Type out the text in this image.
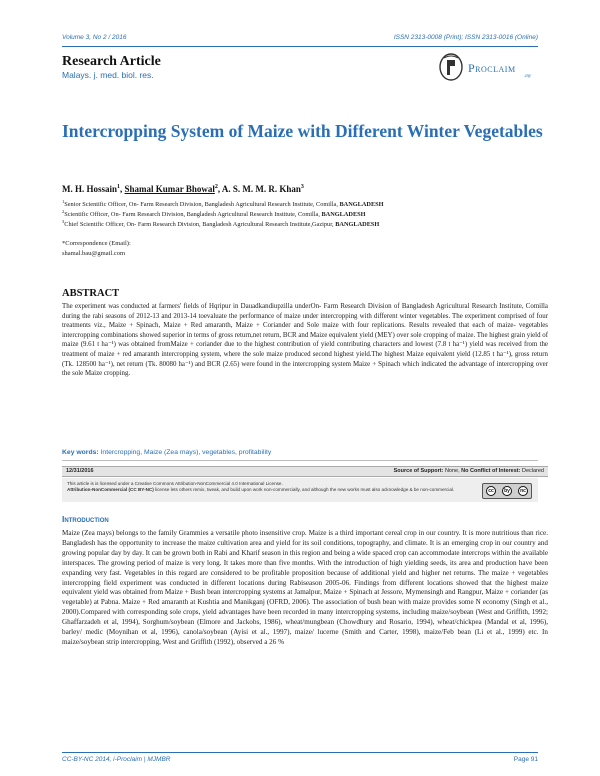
Volume 3, No 2 / 2016	ISSN 2313-0008 (Print); ISSN 2313-0016 (Online)
Research Article
Malays. j. med. biol. res.	Proclaim
.my
Intercropping System of Maize with Different Winter Vegetables
M. H. Hossain$^1$, Shamal Kumar Bhowal$^2$, A. S. M. M. R. Khan$^3$
$^1$Senior Scientific Officer, On- Farm Research Division, Bangladesh Agricultural Research Institute, Comilla, BANGLADESH
$^2$Scientific Officer, On- Farm Research Division, Bangladesh Agricultural Research Institute, Comilla, BANGLADESH
$^3$Chief Scientific Officer, On- Farm Research Division, Bangladesh Agricultural Research Institute,Gazipur, BANGLADESH
*Correspondence (Email):
shamal.bau@gmail.com
ABSTRACT
The experiment was conducted at farmers' fields of Hqripur in Dauadkandiupzilla underOn- Farm Research Division of Bangladesh Agricultural Research Institute, Comilla during the rabi seasons of 2012-13 and 2013-14 toevaluate the performance of maize under intercropping with different winter vegetables. The experiment comprised of four treatments viz., Maize + Spinach, Maize + Red amaranth, Maize + Coriander and Sole maize with four replications. Results revealed that each of maize- vegetables intercropping combinations showed superior in terms of gross return,net return, BCR and Maize equivalent yield (MEY) over sole cropping of maize. The highest grain yield of maize (9.61 t ha⁻¹) was obtained fromMaize + coriander due to the highest contribution of yield contributing characters and lowest (7.8 t ha⁻¹) yield was received from the treatment of maize + red amaranth intercropping system, where the sole maize produced second highest yield.The highest Maize equivalent yield (12.85 t ha⁻¹), gross return (Tk. 128500 ha⁻¹), net return (Tk. 80080 ha⁻¹) and BCR (2.65) were found in the intercropping system Maize + Spinach which indicated the advantage of intercropping over the sole Maize cropping.
Key words: Intercropping, Maize (Zea mays), vegetables, profitability
12/31/2016	Source of Support: None, No Conflict of Interest: Declared
This article is is licensed under a Creative Commons Attribution-NonCommercial 4.0 International License.
Attribution-NonCommercial (CC BY-NC) license lets others remix, tweak, and build upon work non-commercially, and although the new works must also acknowledge & be non-commercial.	cc	by	nc
Introduction
Maize (Zea mays) belongs to the family Grammies a versatile photo insensitive crop. Maize is a third important cereal crop in our country. It is more nutritious than rice. Bangladesh has the opportunity to increase the maize cultivation area and yield for its soil conditions, topography, and climate. It is an emerging crop in our country and growing popular day by day. It can be grown both in Rabi and Kharif season in this region and being a wide spaced crop can accommodate intercrops within the available interspaces. The growing period of maize is very long. It takes more than five months. With the introduction of high yielding seeds, its area and production have been expanding very fast. Vegetables in this regard are considered to be profitable proposition because of additional yield and higher net returns. The maize + vegetables intercropping field experiment was conducted in different locations during Rabiseason 2005-06. Findings from different locations showed that the highest maize equivalent yield was obtained from Maize + Bush bean intercropping systems at Jamalpur, Maize + Spinach at Jessore, Mymensingh and Rangpur, Maize + coriander (as vegetable) at Pabna. Maize + Red amaranth at Kushtia and Manikganj (OFRD, 2006). The association of bush bean with maize provides some N economy (Singh et al., 2000).Compared with corresponding sole crops, yield advantages have been recorded in many intercropping systems, including maize/soybean (West and Griffith, 1992; Ghaffarzadeh et al, 1994), Sorghum/soybean (Elmore and Jackobs, 1986), wheat/mungbean (Chowdhury and Rosario, 1994), wheat/chickpea (Mandal et al, 1996), barley/ medic (Moynihan et al, 1996), canola/soybean (Ayisi et al., 1997), maize/ lucerne (Smith and Carter, 1998), maize/Feb bean (Li et al., 1999) etc. In maize/soybean strip intercropping, West and Griffith (1992), observed a 26 %
CC-BY-NC 2014, i-Proclaim | MJMBR	Page 91
